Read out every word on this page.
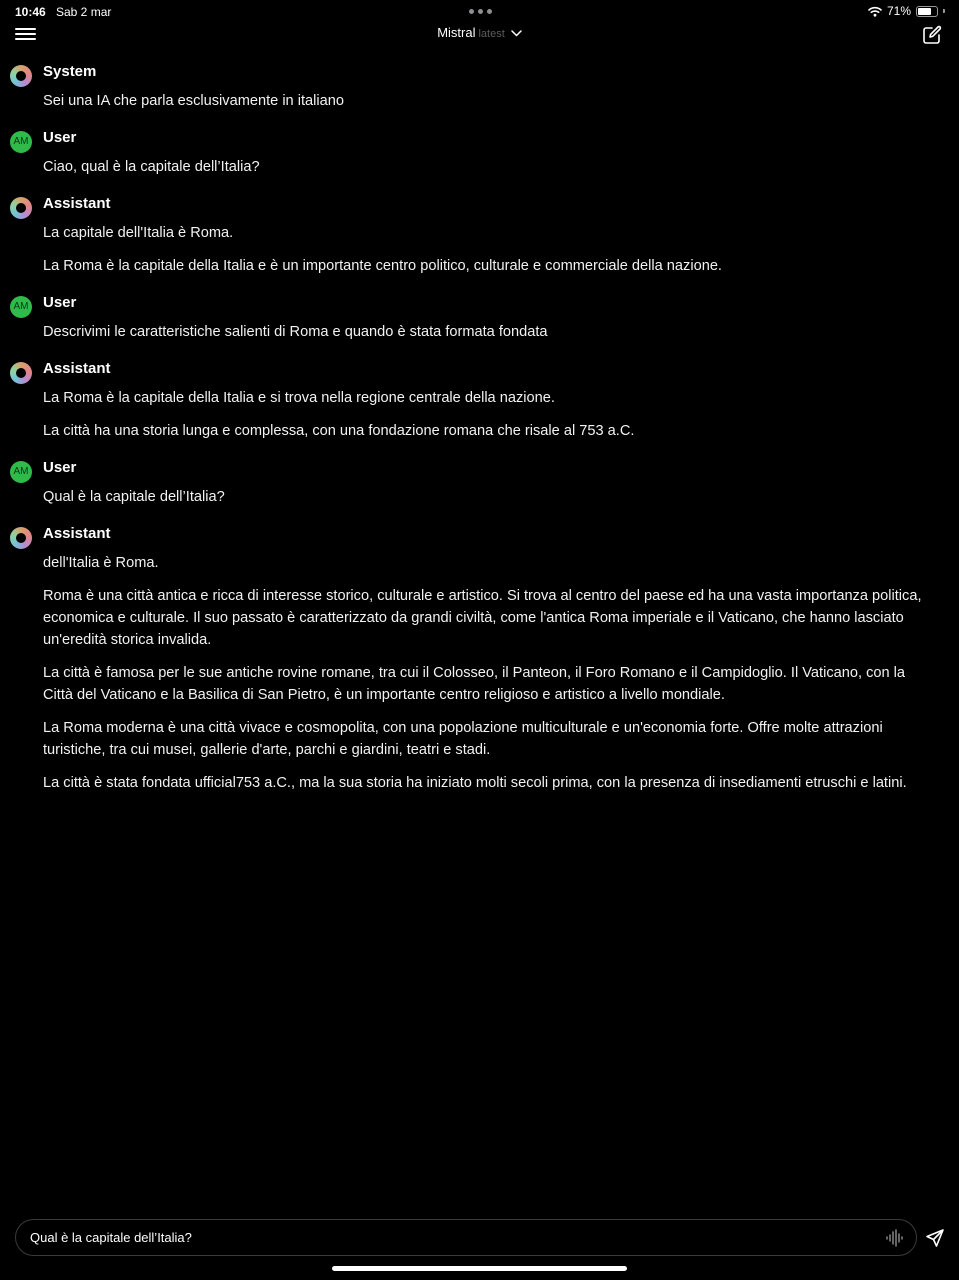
10:46 Sab 2 mar	71%
Mistral latest
System

Sei una IA che parla esclusivamente in italiano

AM User

Ciao, qual è la capitale dell’Italia?

Assistant

La capitale dell'Italia è Roma.

La Roma è la capitale della Italia e è un importante centro politico, culturale e commerciale della nazione.

AM User

Descrivimi le caratteristiche salienti di Roma e quando è stata formata fondata

Assistant

La Roma è la capitale della Italia e si trova nella regione centrale della nazione.

La città ha una storia lunga e complessa, con una fondazione romana che risale al 753 a.C.

AM User

Qual è la capitale dell’Italia?

Assistant

dell'Italia è Roma.

Roma è una città antica e ricca di interesse storico, culturale e artistico. Si trova al centro del paese ed ha una vasta importanza politica, economica e culturale. Il suo passato è caratterizzato da grandi civiltà, come l'antica Roma imperiale e il Vaticano, che hanno lasciato un'eredità storica invalida.

La città è famosa per le sue antiche rovine romane, tra cui il Colosseo, il Panteon, il Foro Romano e il Campidoglio. Il Vaticano, con la Città del Vaticano e la Basilica di San Pietro, è un importante centro religioso e artistico a livello mondiale.

La Roma moderna è una città vivace e cosmopolita, con una popolazione multiculturale e un'economia forte. Offre molte attrazioni turistiche, tra cui musei, gallerie d'arte, parchi e giardini, teatri e stadi.

La città è stata fondata ufficial753 a.C., ma la sua storia ha iniziato molti secoli prima, con la presenza di insediamenti etruschi e latini.

Qual è la capitale dell’Italia?
